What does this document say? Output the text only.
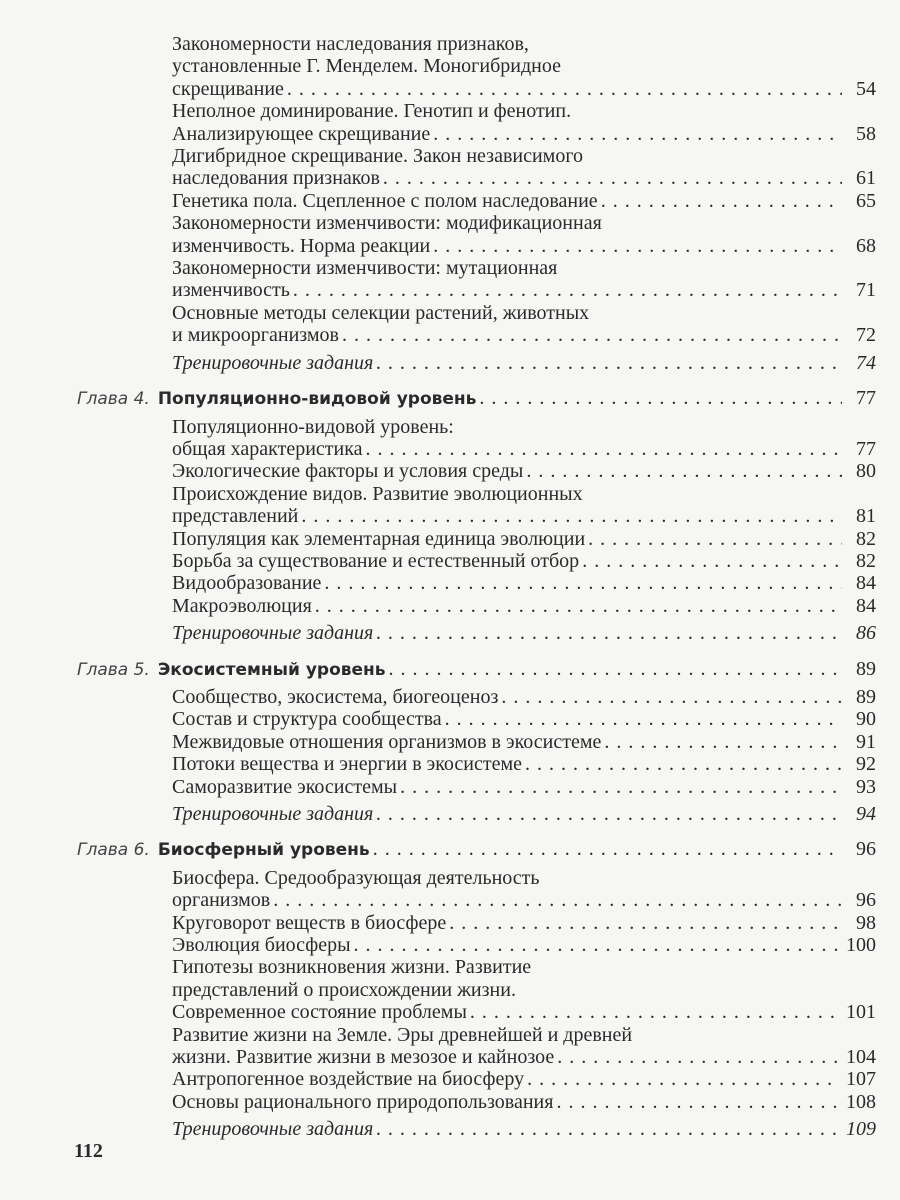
Закономерности наследования признаков,
установленные Г. Менделем. Моногибридное
скрещивание . . .	54
Неполное доминирование. Генотип и фенотип.
Анализирующее скрещивание . . .	58
Дигибридное скрещивание. Закон независимого
наследования признаков . . .	61
Генетика пола. Сцепленное с полом наследование . . .	65
Закономерности изменчивости: модификационная
изменчивость. Норма реакции . . .	68
Закономерности изменчивости: мутационная
изменчивость . . .	71
Основные методы селекции растений, животных
и микроорганизмов . . .	72
Тренировочные задания . . .	74
Глава 4. Популяционно-видовой уровень . . .	77
Популяционно-видовой уровень:
общая характеристика . . .	77
Экологические факторы и условия среды . . .	80
Происхождение видов. Развитие эволюционных
представлений . . .	81
Популяция как элементарная единица эволюции . . .	82
Борьба за существование и естественный отбор . . .	82
Видообразование . . .	84
Макроэволюция . . .	84
Тренировочные задания . . .	86
Глава 5. Экосистемный уровень . . .	89
Сообщество, экосистема, биогеоценоз . . .	89
Состав и структура сообщества . . .	90
Межвидовые отношения организмов в экосистеме . . .	91
Потоки вещества и энергии в экосистеме . . .	92
Саморазвитие экосистемы . . .	93
Тренировочные задания . . .	94
Глава 6. Биосферный уровень . . .	96
Биосфера. Средообразующая деятельность
организмов . . .	96
Круговорот веществ в биосфере . . .	98
Эволюция биосферы . . .	100
Гипотезы возникновения жизни. Развитие
представлений о происхождении жизни.
Современное состояние проблемы . . .	101
Развитие жизни на Земле. Эры древнейшей и древней
жизни. Развитие жизни в мезозое и кайнозое . . .	104
Антропогенное воздействие на биосферу . . .	107
Основы рационального природопользования . . .	108
Тренировочные задания . . .	109
112
